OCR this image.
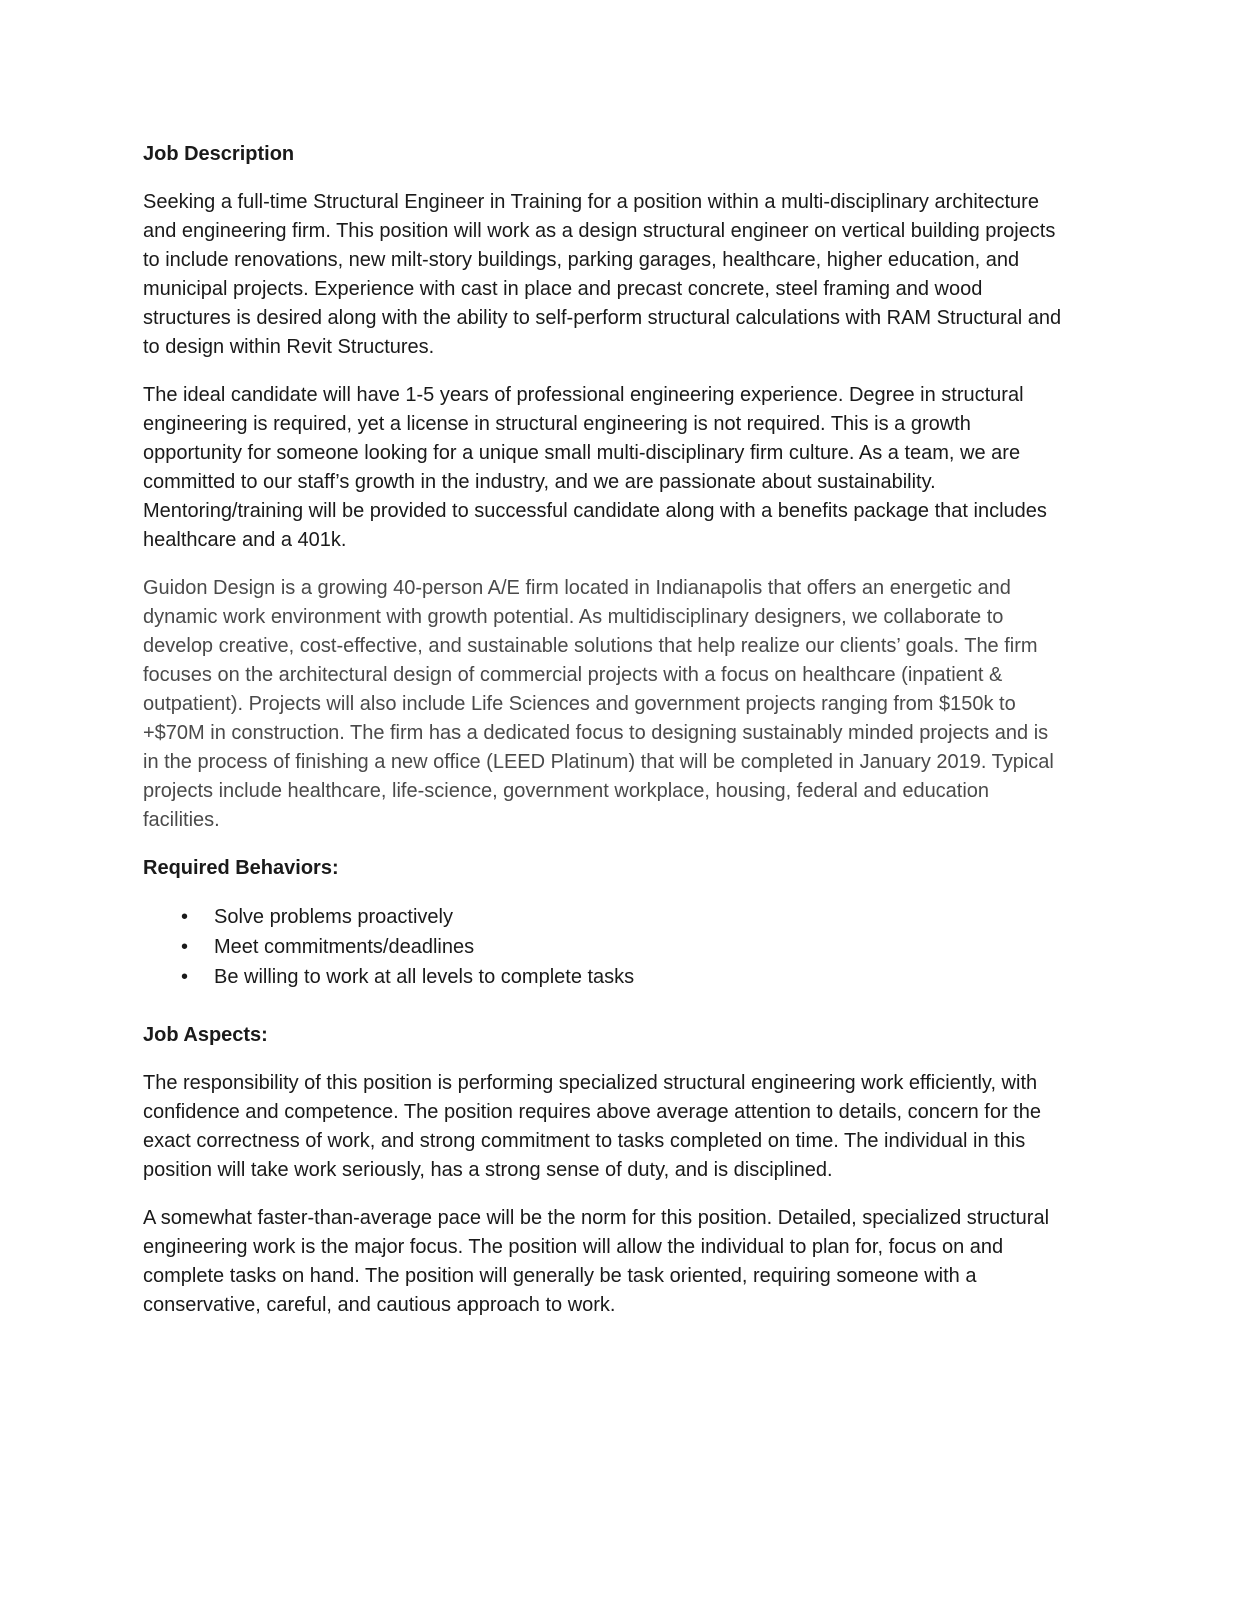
Job Description

Seeking a full-time Structural Engineer in Training for a position within a multi-disciplinary architecture and engineering firm. This position will work as a design structural engineer on vertical building projects to include renovations, new milt-story buildings, parking garages, healthcare, higher education, and municipal projects. Experience with cast in place and precast concrete, steel framing and wood structures is desired along with the ability to self-perform structural calculations with RAM Structural and to design within Revit Structures.

The ideal candidate will have 1-5 years of professional engineering experience. Degree in structural engineering is required, yet a license in structural engineering is not required. This is a growth opportunity for someone looking for a unique small multi-disciplinary firm culture. As a team, we are committed to our staff’s growth in the industry, and we are passionate about sustainability. Mentoring/training will be provided to successful candidate along with a benefits package that includes healthcare and a 401k.

Guidon Design is a growing 40-person A/E firm located in Indianapolis that offers an energetic and dynamic work environment with growth potential. As multidisciplinary designers, we collaborate to develop creative, cost-effective, and sustainable solutions that help realize our clients’ goals. The firm focuses on the architectural design of commercial projects with a focus on healthcare (inpatient & outpatient). Projects will also include Life Sciences and government projects ranging from $150k to +$70M in construction. The firm has a dedicated focus to designing sustainably minded projects and is in the process of finishing a new office (LEED Platinum) that will be completed in January 2019. Typical projects include healthcare, life-science, government workplace, housing, federal and education facilities.

Required Behaviors:
• Solve problems proactively
• Meet commitments/deadlines
• Be willing to work at all levels to complete tasks
Job Aspects:

The responsibility of this position is performing specialized structural engineering work efficiently, with confidence and competence. The position requires above average attention to details, concern for the exact correctness of work, and strong commitment to tasks completed on time. The individual in this position will take work seriously, has a strong sense of duty, and is disciplined.

A somewhat faster-than-average pace will be the norm for this position. Detailed, specialized structural engineering work is the major focus. The position will allow the individual to plan for, focus on and complete tasks on hand. The position will generally be task oriented, requiring someone with a conservative, careful, and cautious approach to work.
